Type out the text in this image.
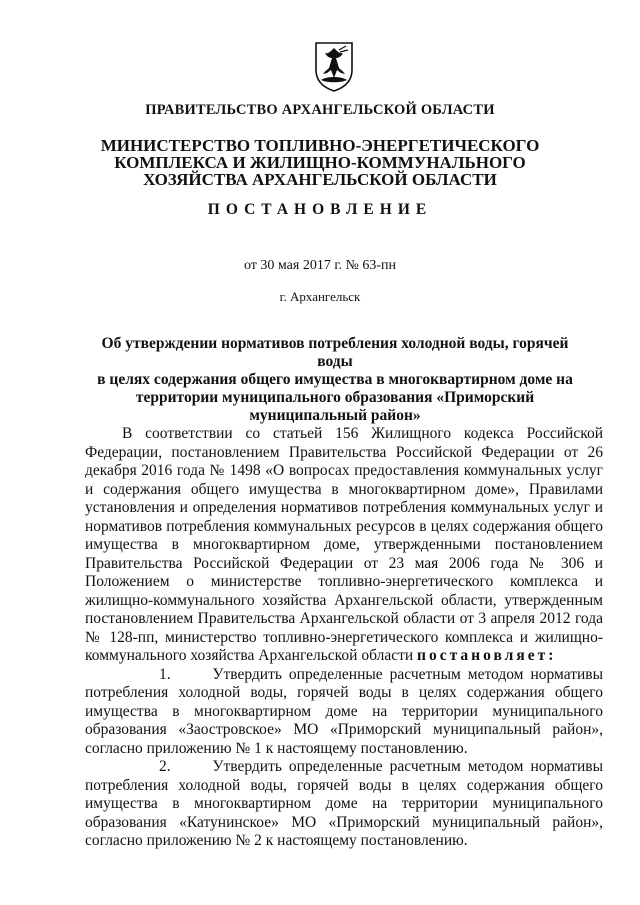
ПРАВИТЕЛЬСТВО АРХАНГЕЛЬСКОЙ ОБЛАСТИ
МИНИСТЕРСТВО ТОПЛИВНО-ЭНЕРГЕТИЧЕСКОГО
КОМПЛЕКСА И ЖИЛИЩНО-КОММУНАЛЬНОГО
ХОЗЯЙСТВА АРХАНГЕЛЬСКОЙ ОБЛАСТИ
ПОСТАНОВЛЕНИЕ
от 30 мая 2017 г. № 63-пн
г. Архангельск
Об утверждении нормативов потребления холодной воды, горячей воды
в целях содержания общего имущества в многоквартирном доме на
территории муниципального образования «Приморский
муниципальный район»

В соответствии со статьей 156 Жилищного кодекса Российской Федерации, постановлением Правительства Российской Федерации от 26 декабря 2016 года № 1498 «О вопросах предоставления коммунальных услуг и содержания общего имущества в многоквартирном доме», Правилами установления и определения нормативов потребления коммунальных услуг и нормативов потребления коммунальных ресурсов в целях содержания общего имущества в многоквартирном доме, утвержденными постановлением Правительства Российской Федерации от 23 мая 2006 года № 306 и Положением о министерстве топливно-энергетического комплекса и жилищно-коммунального хозяйства Архангельской области, утвержденным постановлением Правительства Архангельской области от 3 апреля 2012 года № 128-пп, министерство топливно-энергетического комплекса и жилищно-коммунального хозяйства Архангельской области постановляет:

1.	Утвердить определенные расчетным методом нормативы потребления холодной воды, горячей воды в целях содержания общего имущества в многоквартирном доме на территории муниципального образования «Заостровское» МО «Приморский муниципальный район», согласно приложению № 1 к настоящему постановлению.

2.	Утвердить определенные расчетным методом нормативы потребления холодной воды, горячей воды в целях содержания общего имущества в многоквартирном доме на территории муниципального образования «Катунинское» МО «Приморский муниципальный район», согласно приложению № 2 к настоящему постановлению.
